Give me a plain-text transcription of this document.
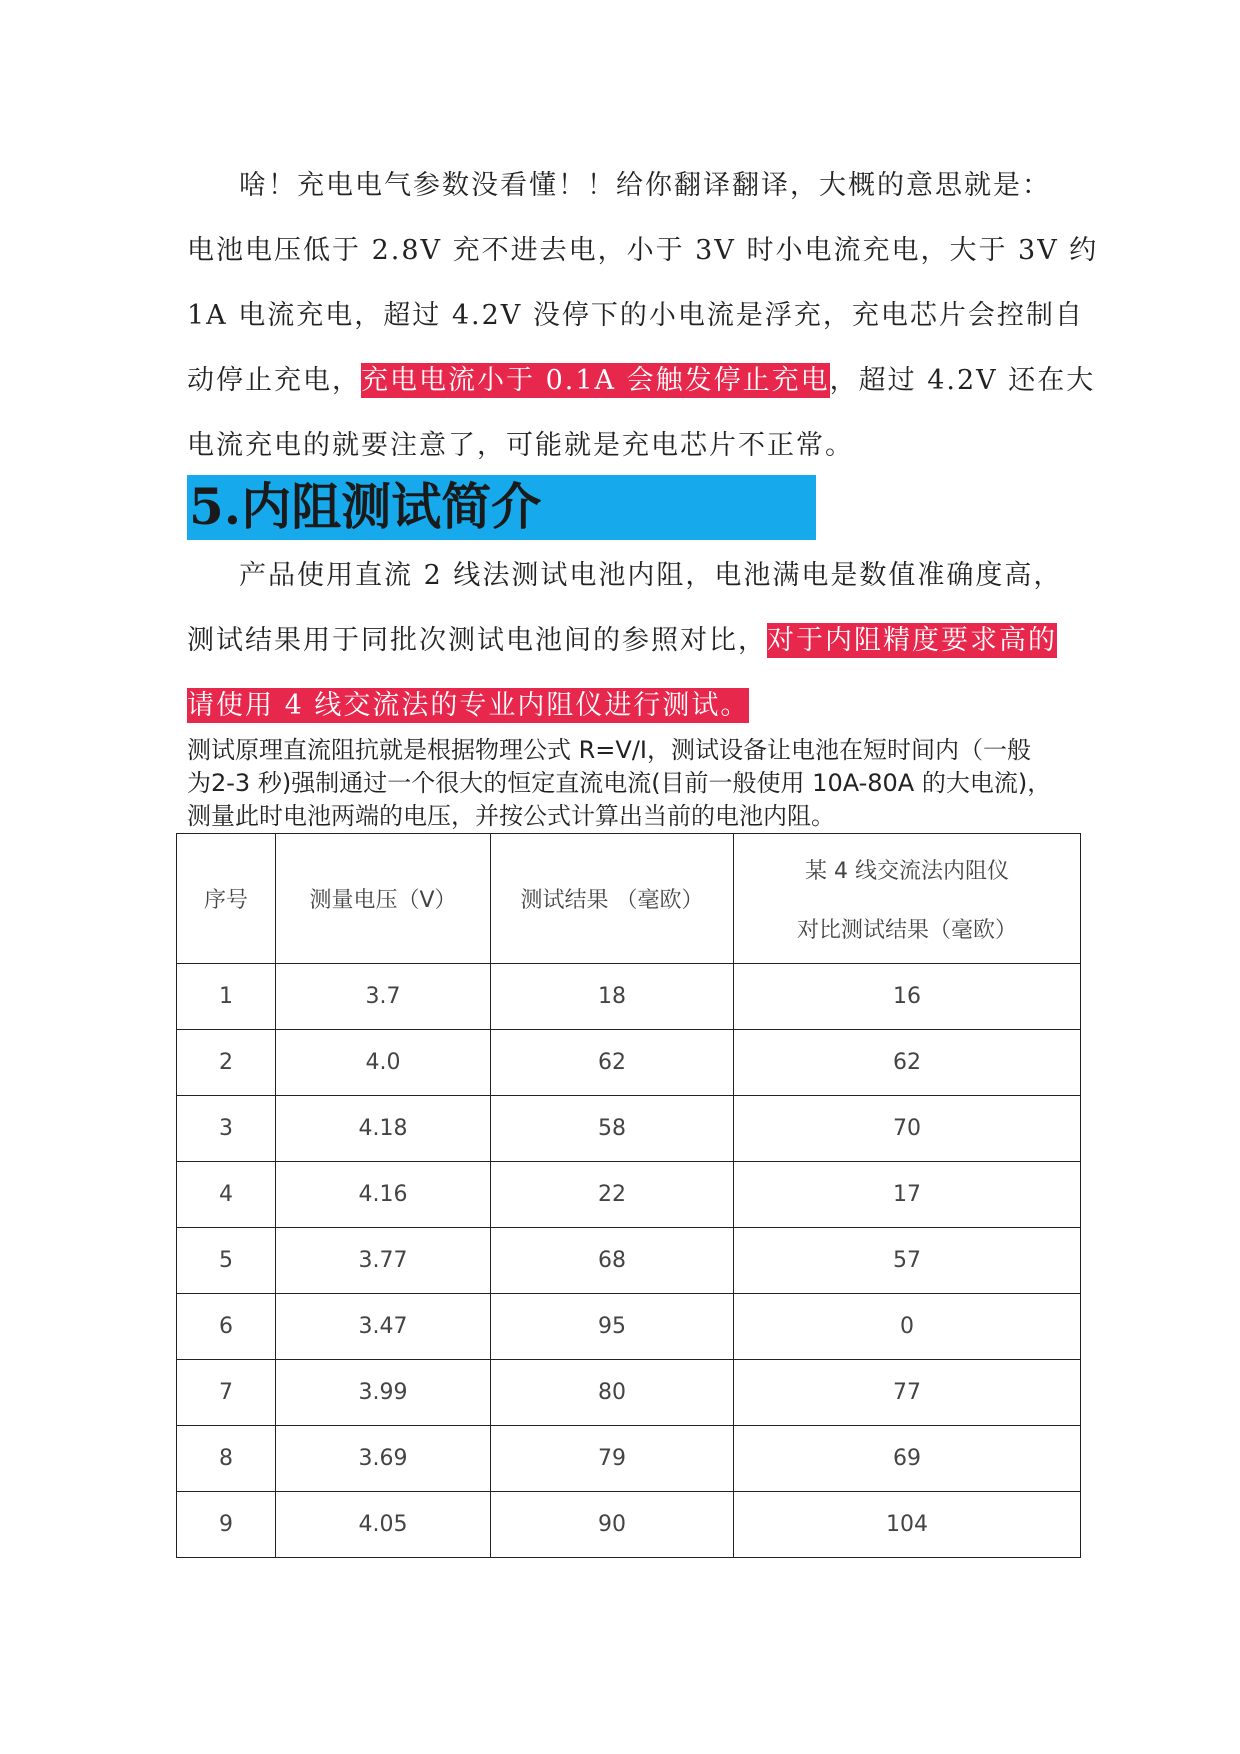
啥！充电电气参数没看懂！！给你翻译翻译，大概的意思就是：
电池电压低于 2.8V 充不进去电，小于 3V 时小电流充电，大于 3V 约
1A 电流充电，超过 4.2V 没停下的小电流是浮充，充电芯片会控制自
动停止充电，充电电流小于 0.1A 会触发停止充电，超过 4.2V 还在大
电流充电的就要注意了，可能就是充电芯片不正常。
5.内阻测试简介
产品使用直流 2 线法测试电池内阻，电池满电是数值准确度高，
测试结果用于同批次测试电池间的参照对比，对于内阻精度要求高的
请使用 4 线交流法的专业内阻仪进行测试。
测试原理直流阻抗就是根据物理公式 R=V/I，测试设备让电池在短时间内（一般
为2-3 秒)强制通过一个很大的恒定直流电流(目前一般使用 10A-80A 的大电流)，
测量此时电池两端的电压，并按公式计算出当前的电池内阻。
序号	测量电压（V）	测试结果 （毫欧）	某 4 线交流法内阻仪
对比测试结果（毫欧）

1	3.7	18	16
2	4.0	62	62
3	4.18	58	70
4	4.16	22	17
5	3.77	68	57
6	3.47	95	0
7	3.99	80	77
8	3.69	79	69
9	4.05	90	104
